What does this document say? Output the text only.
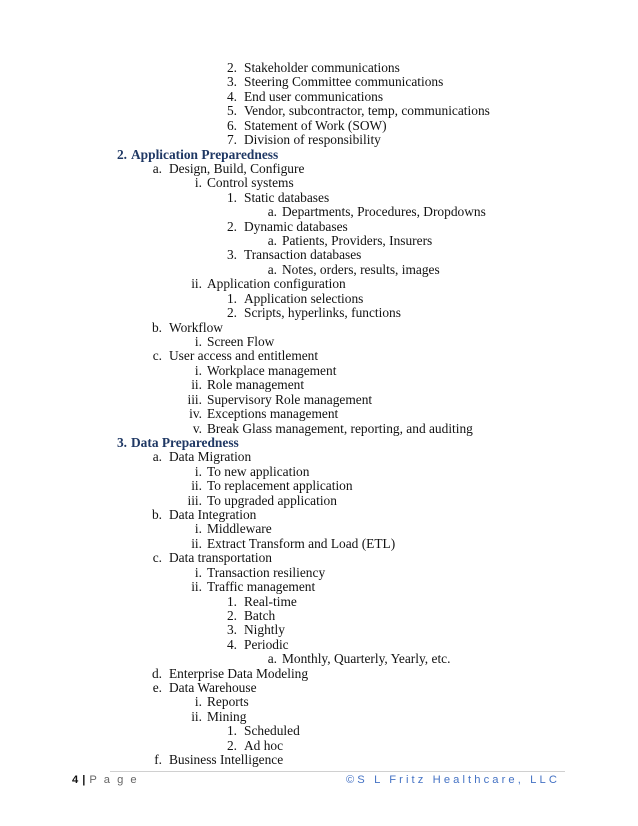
2. Stakeholder communications
3. Steering Committee communications
4. End user communications
5. Vendor, subcontractor, temp, communications
6. Statement of Work (SOW)
7. Division of responsibility
2. Application Preparedness
a. Design, Build, Configure
i. Control systems
1. Static databases
a. Departments, Procedures, Dropdowns
2. Dynamic databases
a. Patients, Providers, Insurers
3. Transaction databases
a. Notes, orders, results, images
ii. Application configuration
1. Application selections
2. Scripts, hyperlinks, functions
b. Workflow
i. Screen Flow
c. User access and entitlement
i. Workplace management
ii. Role management
iii. Supervisory Role management
iv. Exceptions management
v. Break Glass management, reporting, and auditing
3. Data Preparedness
a. Data Migration
i. To new application
ii. To replacement application
iii. To upgraded application
b. Data Integration
i. Middleware
ii. Extract Transform and Load (ETL)
c. Data transportation
i. Transaction resiliency
ii. Traffic management
1. Real-time
2. Batch
3. Nightly
4. Periodic
a. Monthly, Quarterly, Yearly, etc.
d. Enterprise Data Modeling
e. Data Warehouse
i. Reports
ii. Mining
1. Scheduled
2. Ad hoc
f. Business Intelligence
4 | P a g e	©S L Fritz Healthcare, LLC
